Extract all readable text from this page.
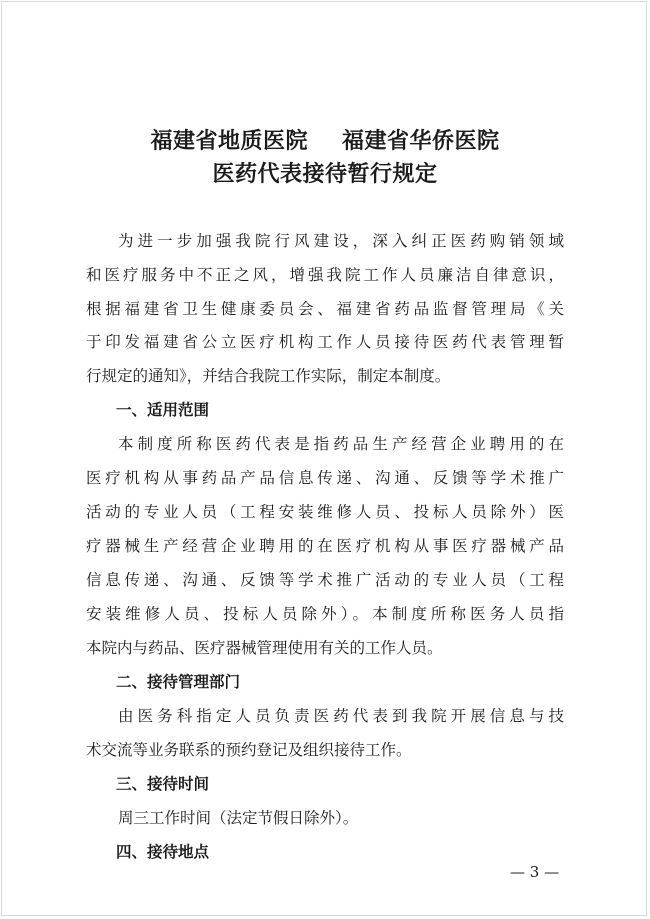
福建省地质医院 福建省华侨医院
医药代表接待暂行规定
为进一步加强我院行风建设，深入纠正医药购销领域
和医疗服务中不正之风，增强我院工作人员廉洁自律意识，
根据福建省卫生健康委员会、福建省药品监督管理局《关
于印发福建省公立医疗机构工作人员接待医药代表管理暂
行规定的通知》，并结合我院工作实际，制定本制度。
一、适用范围
本制度所称医药代表是指药品生产经营企业聘用的在
医疗机构从事药品产品信息传递、沟通、反馈等学术推广
活动的专业人员（工程安装维修人员、投标人员除外）医
疗器械生产经营企业聘用的在医疗机构从事医疗器械产品
信息传递、沟通、反馈等学术推广活动的专业人员（工程
安装维修人员、投标人员除外）。本制度所称医务人员指
本院内与药品、医疗器械管理使用有关的工作人员。
二、接待管理部门
由医务科指定人员负责医药代表到我院开展信息与技
术交流等业务联系的预约登记及组织接待工作。
三、接待时间
周三工作时间（法定节假日除外）。
四、接待地点
— 3 —
